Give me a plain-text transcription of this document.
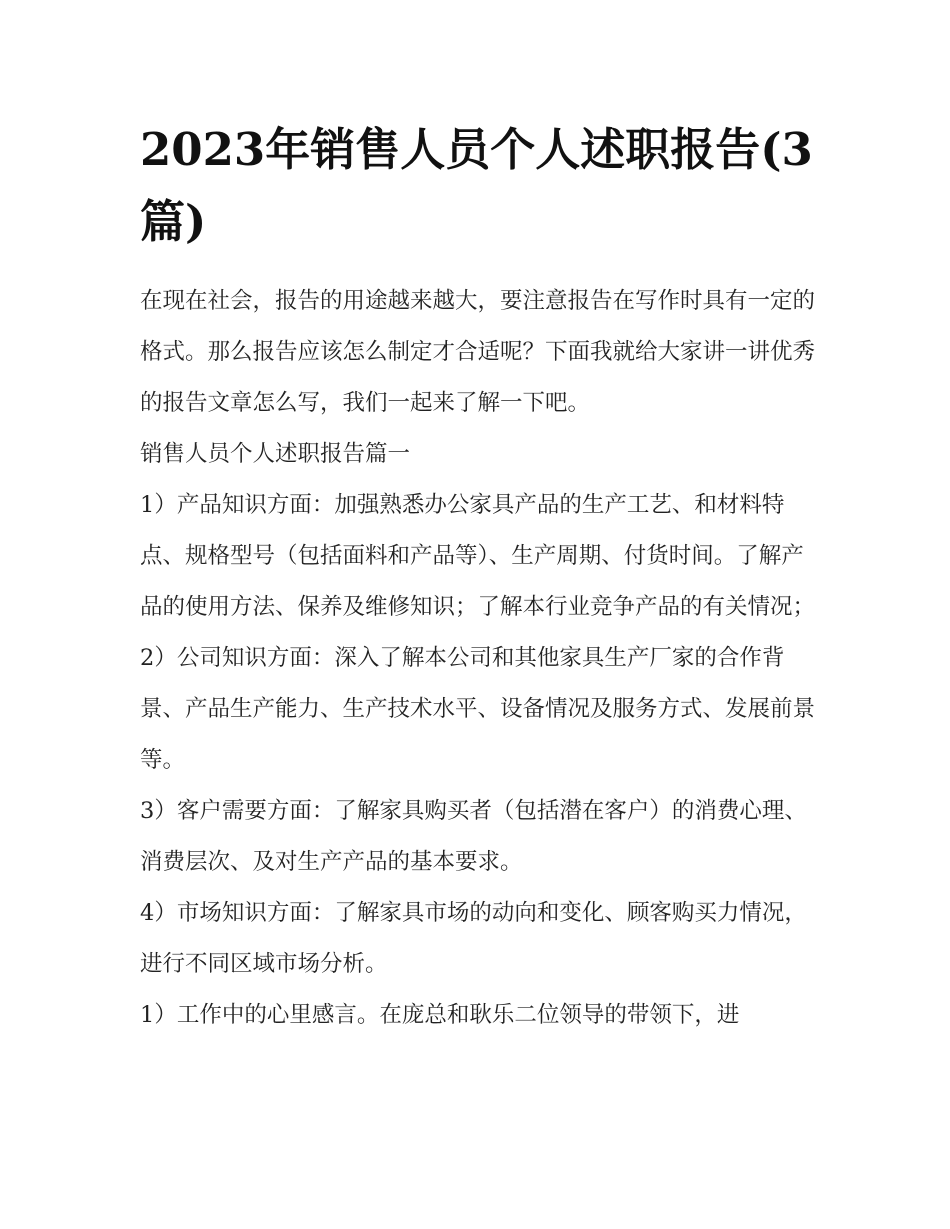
2023年销售人员个人述职报告(3篇)

在现在社会，报告的用途越来越大，要注意报告在写作时具有一定的格式。那么报告应该怎么制定才合适呢？下面我就给大家讲一讲优秀的报告文章怎么写，我们一起来了解一下吧。

销售人员个人述职报告篇一

1）产品知识方面：加强熟悉办公家具产品的生产工艺、和材料特点、规格型号（包括面料和产品等）、生产周期、付货时间。了解产品的使用方法、保养及维修知识；了解本行业竞争产品的有关情况；

2）公司知识方面：深入了解本公司和其他家具生产厂家的合作背景、产品生产能力、生产技术水平、设备情况及服务方式、发展前景等。

3）客户需要方面：了解家具购买者（包括潜在客户）的消费心理、消费层次、及对生产产品的基本要求。

4）市场知识方面：了解家具市场的动向和变化、顾客购买力情况，进行不同区域市场分析。

1）工作中的心里感言。在庞总和耿乐二位领导的带领下，进
